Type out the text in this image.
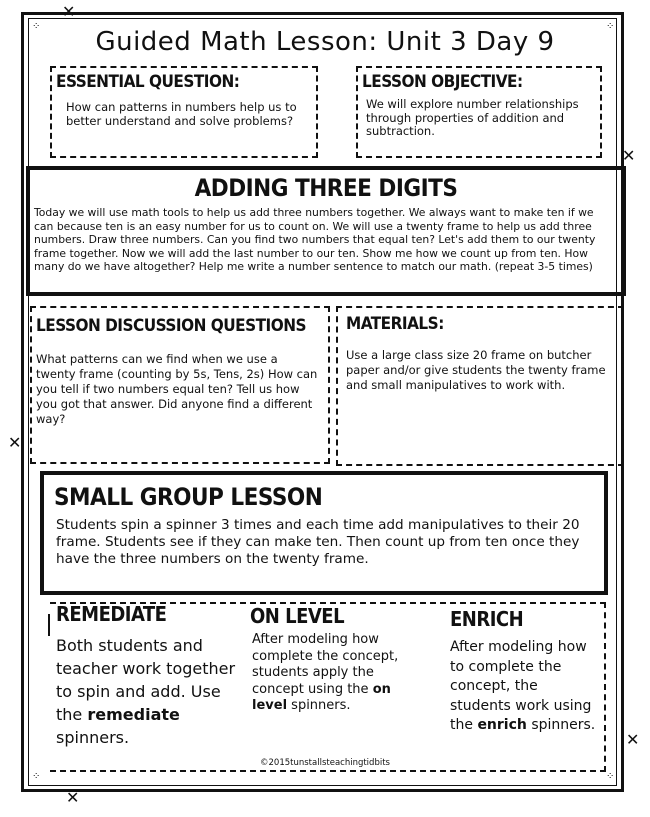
✕
✕
✕
✕
✕
⁘	⁘
⁘	⁘
Guided Math Lesson: Unit 3 Day 9
ESSENTIAL QUESTION:
How can patterns in numbers help us to better understand and solve problems?
LESSON OBJECTIVE:
We will explore number relationships through properties of addition and subtraction.
ADDING THREE DIGITS
Today we will use math tools to help us add three numbers together. We always want to make ten if we can because ten is an easy number for us to count on. We will use a twenty frame to help us add three numbers. Draw three numbers. Can you find two numbers that equal ten? Let's add them to our twenty frame together. Now we will add the last number to our ten. Show me how we count up from ten. How many do we have altogether? Help me write a number sentence to match our math. (repeat 3-5 times)
LESSON DISCUSSION QUESTIONS
What patterns can we find when we use a twenty frame (counting by 5s, Tens, 2s) How can you tell if two numbers equal ten? Tell us how you got that answer. Did anyone find a different way?
MATERIALS:
Use a large class size 20 frame on butcher paper and/or give students the twenty frame and small manipulatives to work with.
SMALL GROUP LESSON
Students spin a spinner 3 times and each time add manipulatives to their 20 frame. Students see if they can make ten. Then count up from ten once they have the three numbers on the twenty frame.
REMEDIATE
Both students and teacher work together to spin and add. Use the remediate spinners.
ON LEVEL
After modeling how complete the concept, students apply the concept using the on level spinners.
ENRICH
After modeling how to complete the concept, the students work using the enrich spinners.
©2015tunstallsteachingtidbits
